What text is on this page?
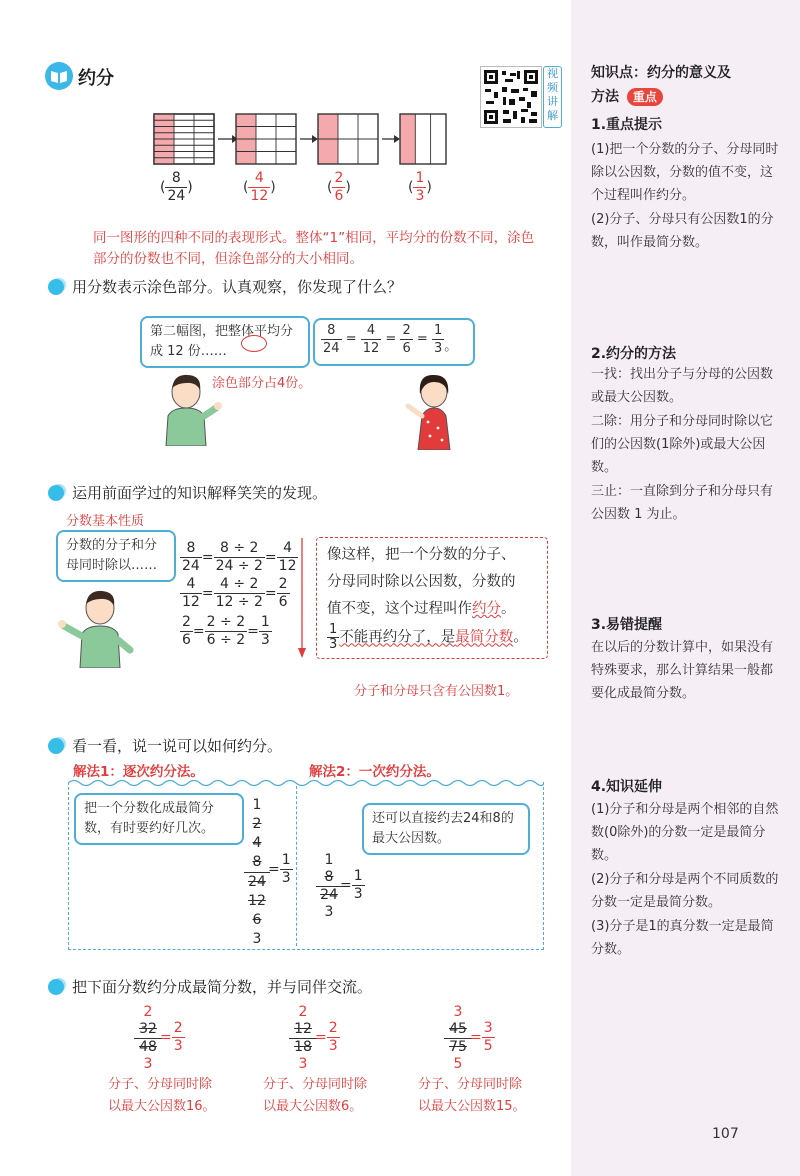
知识点：约分的意义及
方法 重点
1.重点提示

(1)把一个分数的分子、分母同时除以公因数，分数的值不变，这个过程叫作约分。

(2)分子、分母只有公因数1的分数，叫作最简分数。

2.约分的方法

一找：找出分子与分母的公因数或最大公因数。

二除：用分子和分母同时除以它们的公因数(1除外)或最大公因数。

三止：一直除到分子和分母只有公因数 1 为止。

3.易错提醒

在以后的分数计算中，如果没有特殊要求，那么计算结果一般都要化成最简分数。

4.知识延伸

(1)分子和分母是两个相邻的自然数(0除外)的分数一定是最简分数。

(2)分子和分母是两个不同质数的分数一定是最简分数。

(3)分子是1的真分数一定是最简分数。

107
约分	视
频
讲
解
( $\frac{8}{24}$ )	( $\frac{4}{12}$ )	( $\frac{2}{6}$ )	( $\frac{1}{3}$ )
同一图形的四种不同的表现形式。整体“1”相同，平均分的份数不同，涂色部分的份数也不同，但涂色部分的大小相同。
用分数表示涂色部分。认真观察，你发现了什么？
第二幅图，把整体平均分成 12 份……
涂色部分占4份。
$\frac{8}{24} = \frac{4}{12} = \frac{2}{6} = \frac{1}{3}$ 。
运用前面学过的知识解释笑笑的发现。
分数基本性质
分数的分子和分母同时除以……	$\frac{8}{24} = \frac{8 \div 2}{24 \div 2} = \frac{4}{12}$
$\frac{4}{12} = \frac{4 \div 2}{12 \div 2} = \frac{2}{6}$
$\frac{2}{6} = \frac{2 \div 2}{6 \div 2} = \frac{1}{3}$
像这样，把一个分数的分子、
分母同时除以公因数，分数的
值不变，这个过程叫作约分。
$\frac{1}{3}$ 不能再约分了，是最简分数。
分子和分母只含有公因数1。
看一看，说一说可以如何约分。
解法1：逐次约分法。	解法2：一次约分法。
把一个分数化成最简分数，有时要约好几次。
还可以直接约去24和8的最大公因数。
1
2
4
8
24
12
6
3
= $\frac{1}{3}$	1
8
24
3
= $\frac{1}{3}$
把下面分数约分成最简分数，并与同伴交流。
2
32
48
3
= $\frac{2}{3}$
分子、分母同时除
以最大公因数16。
2
12
18
3
= $\frac{2}{3}$
分子、分母同时除
以最大公因数6。
3
45
75
5
= $\frac{3}{5}$
分子、分母同时除
以最大公因数15。
